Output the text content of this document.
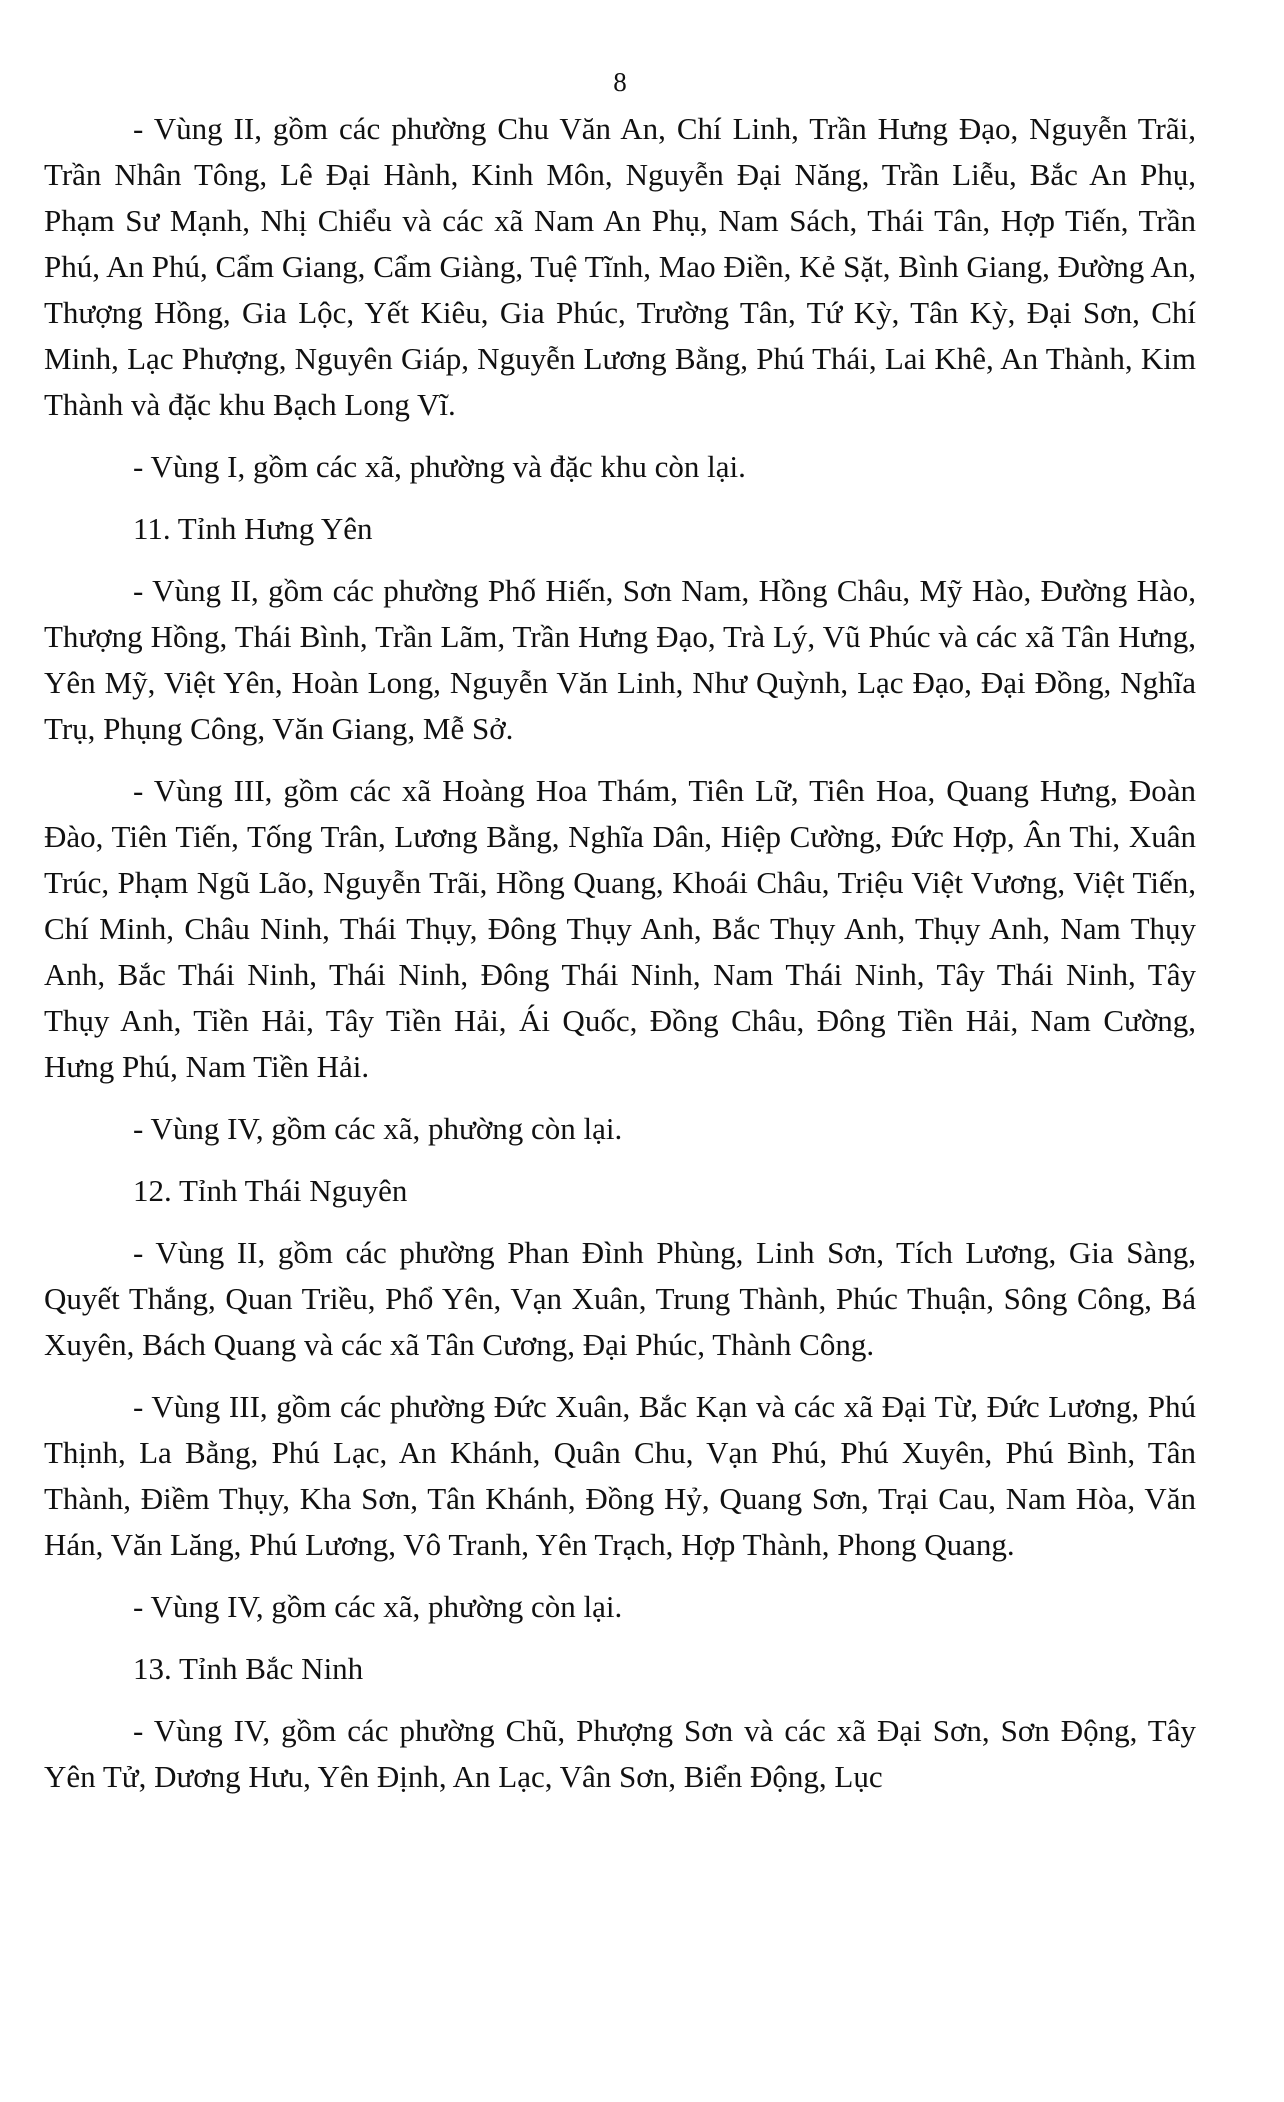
8

- Vùng II, gồm các phường Chu Văn An, Chí Linh, Trần Hưng Đạo, Nguyễn Trãi, Trần Nhân Tông, Lê Đại Hành, Kinh Môn, Nguyễn Đại Năng, Trần Liễu, Bắc An Phụ, Phạm Sư Mạnh, Nhị Chiểu và các xã Nam An Phụ, Nam Sách, Thái Tân, Hợp Tiến, Trần Phú, An Phú, Cẩm Giang, Cẩm Giàng, Tuệ Tĩnh, Mao Điền, Kẻ Sặt, Bình Giang, Đường An, Thượng Hồng, Gia Lộc, Yết Kiêu, Gia Phúc, Trường Tân, Tứ Kỳ, Tân Kỳ, Đại Sơn, Chí Minh, Lạc Phượng, Nguyên Giáp, Nguyễn Lương Bằng, Phú Thái, Lai Khê, An Thành, Kim Thành và đặc khu Bạch Long Vĩ.

- Vùng I, gồm các xã, phường và đặc khu còn lại.

11. Tỉnh Hưng Yên

- Vùng II, gồm các phường Phố Hiến, Sơn Nam, Hồng Châu, Mỹ Hào, Đường Hào, Thượng Hồng, Thái Bình, Trần Lãm, Trần Hưng Đạo, Trà Lý, Vũ Phúc và các xã Tân Hưng, Yên Mỹ, Việt Yên, Hoàn Long, Nguyễn Văn Linh, Như Quỳnh, Lạc Đạo, Đại Đồng, Nghĩa Trụ, Phụng Công, Văn Giang, Mễ Sở.

- Vùng III, gồm các xã Hoàng Hoa Thám, Tiên Lữ, Tiên Hoa, Quang Hưng, Đoàn Đào, Tiên Tiến, Tống Trân, Lương Bằng, Nghĩa Dân, Hiệp Cường, Đức Hợp, Ân Thi, Xuân Trúc, Phạm Ngũ Lão, Nguyễn Trãi, Hồng Quang, Khoái Châu, Triệu Việt Vương, Việt Tiến, Chí Minh, Châu Ninh, Thái Thụy, Đông Thụy Anh, Bắc Thụy Anh, Thụy Anh, Nam Thụy Anh, Bắc Thái Ninh, Thái Ninh, Đông Thái Ninh, Nam Thái Ninh, Tây Thái Ninh, Tây Thụy Anh, Tiền Hải, Tây Tiền Hải, Ái Quốc, Đồng Châu, Đông Tiền Hải, Nam Cường, Hưng Phú, Nam Tiền Hải.

- Vùng IV, gồm các xã, phường còn lại.

12. Tỉnh Thái Nguyên

- Vùng II, gồm các phường Phan Đình Phùng, Linh Sơn, Tích Lương, Gia Sàng, Quyết Thắng, Quan Triều, Phổ Yên, Vạn Xuân, Trung Thành, Phúc Thuận, Sông Công, Bá Xuyên, Bách Quang và các xã Tân Cương, Đại Phúc, Thành Công.

- Vùng III, gồm các phường Đức Xuân, Bắc Kạn và các xã Đại Từ, Đức Lương, Phú Thịnh, La Bằng, Phú Lạc, An Khánh, Quân Chu, Vạn Phú, Phú Xuyên, Phú Bình, Tân Thành, Điềm Thụy, Kha Sơn, Tân Khánh, Đồng Hỷ, Quang Sơn, Trại Cau, Nam Hòa, Văn Hán, Văn Lăng, Phú Lương, Vô Tranh, Yên Trạch, Hợp Thành, Phong Quang.

- Vùng IV, gồm các xã, phường còn lại.

13. Tỉnh Bắc Ninh

- Vùng IV, gồm các phường Chũ, Phượng Sơn và các xã Đại Sơn, Sơn Động, Tây Yên Tử, Dương Hưu, Yên Định, An Lạc, Vân Sơn, Biển Động, Lục
